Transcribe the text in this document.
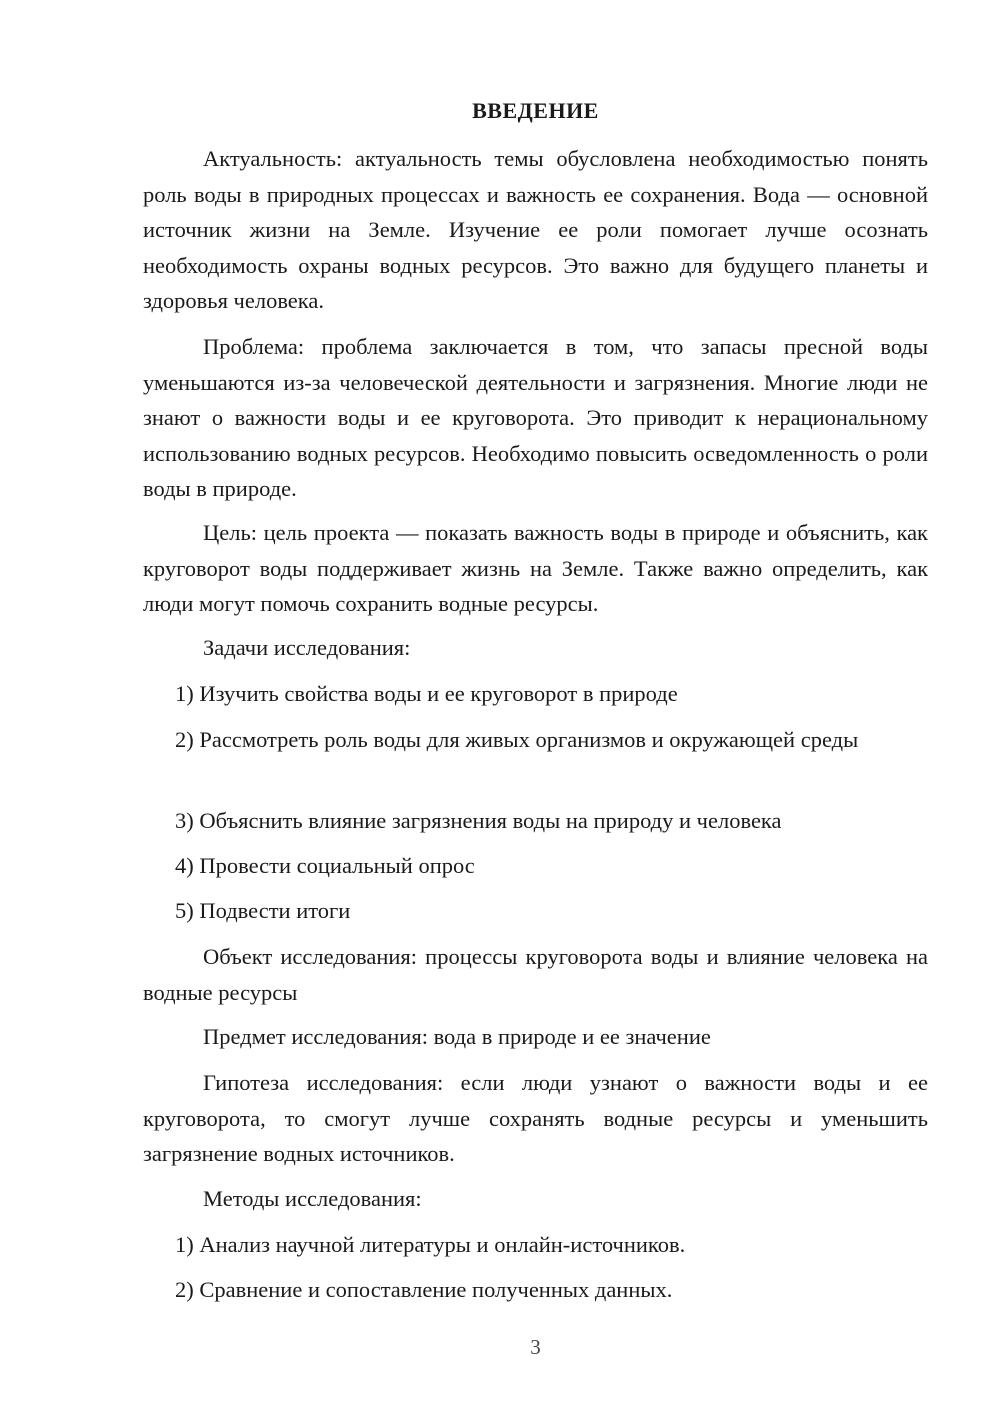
ВВЕДЕНИЕ

Актуальность: актуальность темы обусловлена необходимостью понять роль воды в природных процессах и важность ее сохранения. Вода — основной источник жизни на Земле. Изучение ее роли помогает лучше осознать необходимость охраны водных ресурсов. Это важно для будущего планеты и здоровья человека.

Проблема: проблема заключается в том, что запасы пресной воды уменьшаются из-за человеческой деятельности и загрязнения. Многие люди не знают о важности воды и ее круговорота. Это приводит к нерациональному использованию водных ресурсов. Необходимо повысить осведомленность о роли воды в природе.

Цель: цель проекта — показать важность воды в природе и объяснить, как круговорот воды поддерживает жизнь на Земле. Также важно определить, как люди могут помочь сохранить водные ресурсы.

Задачи исследования:

1) Изучить свойства воды и ее круговорот в природе

2) Рассмотреть роль воды для живых организмов и окружающей среды

3) Объяснить влияние загрязнения воды на природу и человека

4) Провести социальный опрос

5) Подвести итоги

Объект исследования: процессы круговорота воды и влияние человека на водные ресурсы

Предмет исследования: вода в природе и ее значение

Гипотеза исследования: если люди узнают о важности воды и ее круговорота, то смогут лучше сохранять водные ресурсы и уменьшить загрязнение водных источников.

Методы исследования:

1) Анализ научной литературы и онлайн-источников.

2) Сравнение и сопоставление полученных данных.

3
